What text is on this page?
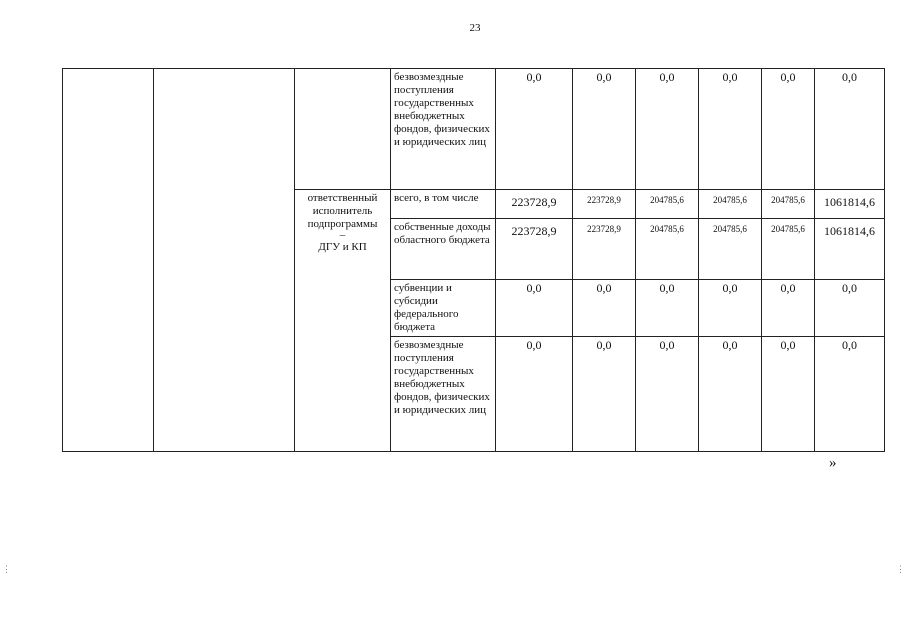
23
			безвозмездные поступления государственных внебюджетных фондов, физических и юридических лиц	0,0	0,0	0,0	0,0	0,0	0,0

		ответственный исполнитель подпрограммы
–
ДГУ и КП	всего, в том числе	223728,9	223728,9	204785,6	204785,6	204785,6	1061814,6
			собственные доходы областного бюджета	223728,9	223728,9	204785,6	204785,6	204785,6	1061814,6
			субвенции и субсидии федерального бюджета	0,0	0,0	0,0	0,0	0,0	0,0
			безвозмездные поступления государственных внебюджетных фондов, физических и юридических лиц	0,0	0,0	0,0	0,0	0,0	0,0
»
⋮	⋮
